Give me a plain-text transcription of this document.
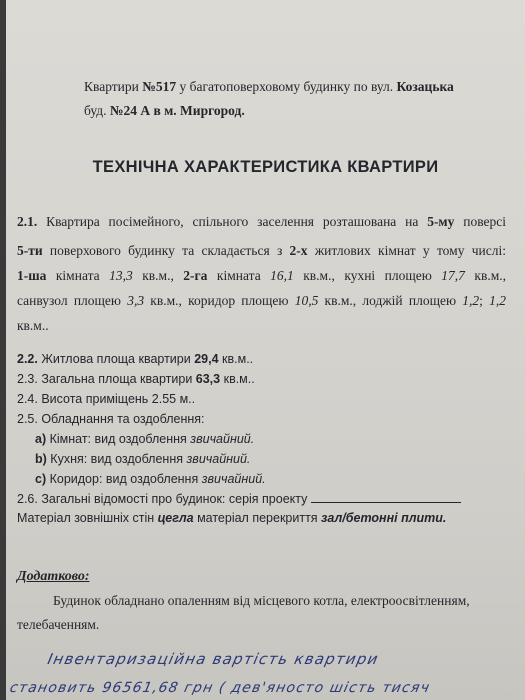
Квартири №517 у багатоповерховому будинку по вул. Козацька
буд. №24 А в м. Миргород.
ТЕХНІЧНА ХАРАКТЕРИСТИКА КВАРТИРИ
2.1. Квартира посімейного, спільного заселення розташована на 5-му поверсі
5-ти поверхового будинку та складається з 2-х житлових кімнат у тому числі:
1-ша кімната 13,3 кв.м., 2-га кімната 16,1 кв.м., кухні площею 17,7 кв.м.,
санвузол площею 3,3 кв.м., коридор площею 10,5 кв.м., лоджій площею 1,2; 1,2
кв.м..
2.2. Житлова площа квартири 29,4 кв.м..
2.3. Загальна площа квартири 63,3 кв.м..
2.4. Висота приміщень 2.55 м..
2.5. Обладнання та оздоблення:
а) Кімнат: вид оздоблення звичайний.
b) Кухня: вид оздоблення звичайний.
с) Коридор: вид оздоблення звичайний.
2.6. Загальні відомості про будинок: серія проекту
Матеріал зовнішніх стін цегла матеріал перекриття зал/бетонні плити.
Додатково:
Будинок обладнано опаленням від місцевого котла, електроосвітленням,
телебаченням.
Інвентаризаційна вартість квартири
становить 96561,68 грн ( дев'яносто шість тисяч
